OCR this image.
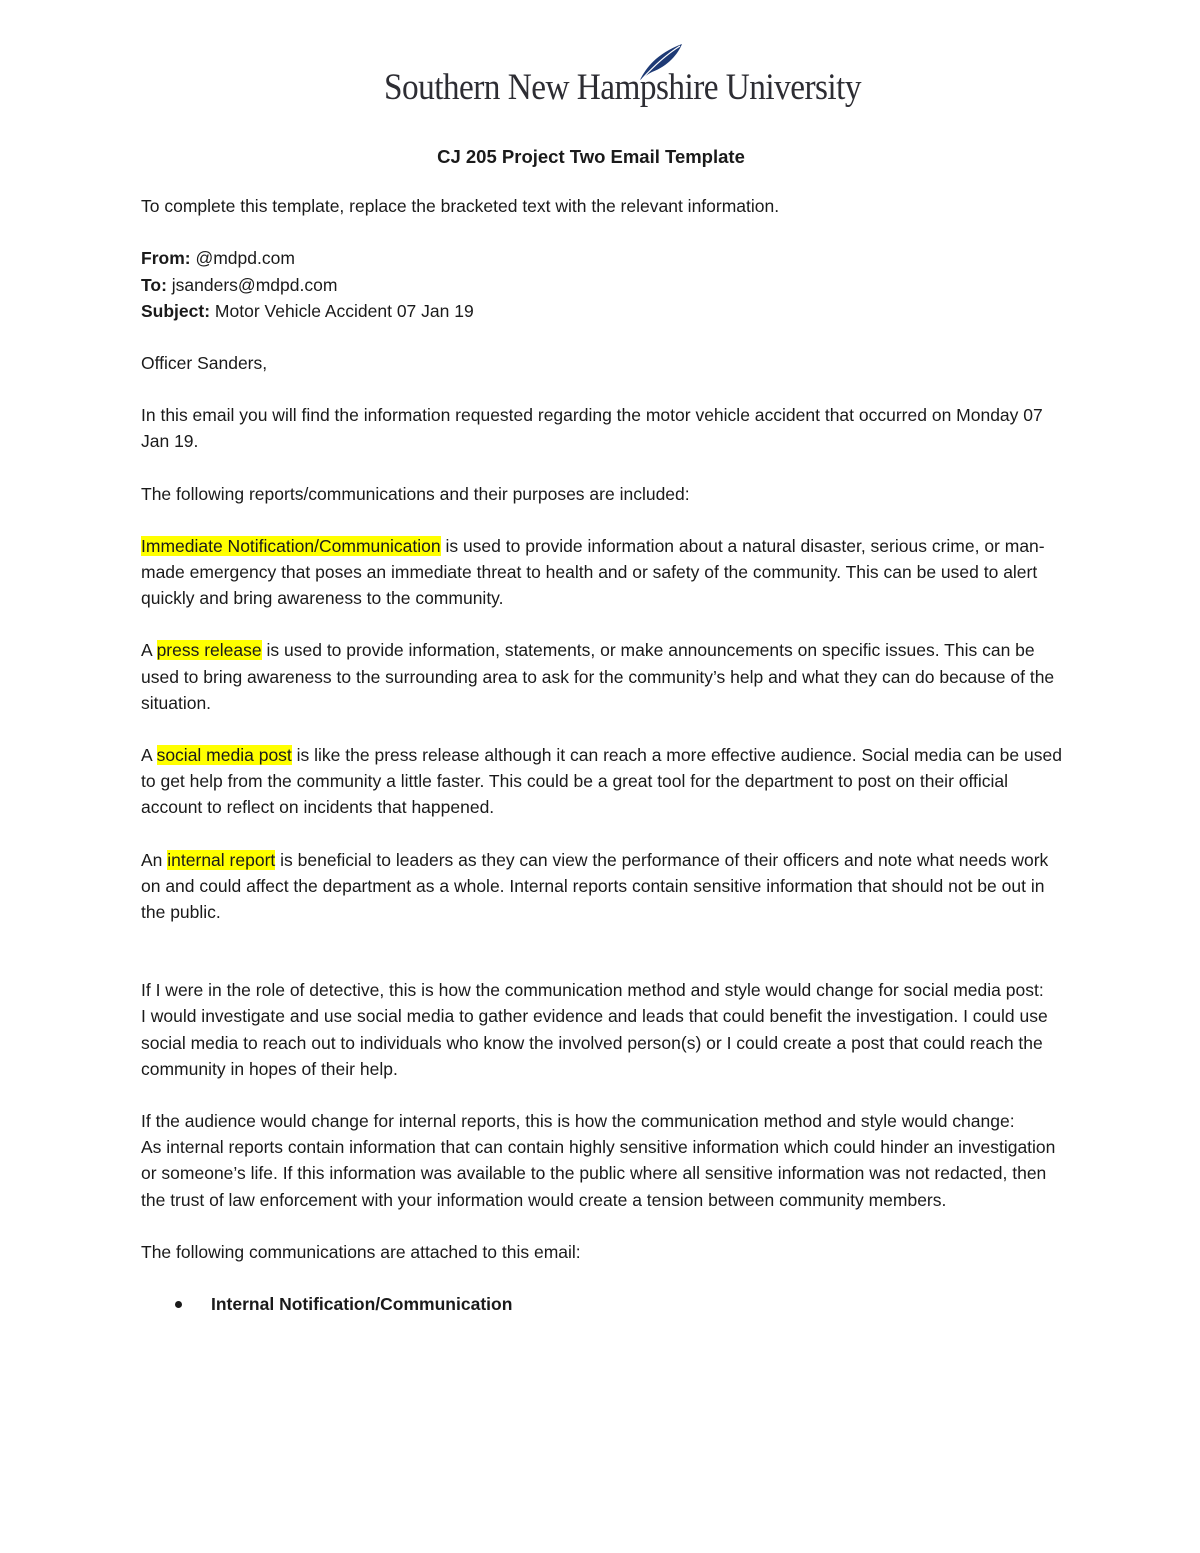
Southern New Hampshire University
CJ 205 Project Two Email Template

To complete this template, replace the bracketed text with the relevant information.

From: @mdpd.com

To: jsanders@mdpd.com

Subject: Motor Vehicle Accident 07 Jan 19

Officer Sanders,

In this email you will find the information requested regarding the motor vehicle accident that occurred on Monday 07 Jan 19.

The following reports/communications and their purposes are included:

Immediate Notification/Communication is used to provide information about a natural disaster, serious crime, or man-made emergency that poses an immediate threat to health and or safety of the community. This can be used to alert quickly and bring awareness to the community.

A press release is used to provide information, statements, or make announcements on specific issues. This can be used to bring awareness to the surrounding area to ask for the community’s help and what they can do because of the situation.

A social media post is like the press release although it can reach a more effective audience. Social media can be used to get help from the community a little faster. This could be a great tool for the department to post on their official account to reflect on incidents that happened.

An internal report is beneficial to leaders as they can view the performance of their officers and note what needs work on and could affect the department as a whole. Internal reports contain sensitive information that should not be out in the public.

If I were in the role of detective, this is how the communication method and style would change for social media post:

I would investigate and use social media to gather evidence and leads that could benefit the investigation. I could use social media to reach out to individuals who know the involved person(s) or I could create a post that could reach the community in hopes of their help.

If the audience would change for internal reports, this is how the communication method and style would change:

As internal reports contain information that can contain highly sensitive information which could hinder an investigation or someone’s life. If this information was available to the public where all sensitive information was not redacted, then the trust of law enforcement with your information would create a tension between community members.

The following communications are attached to this email:

Internal Notification/Communication
